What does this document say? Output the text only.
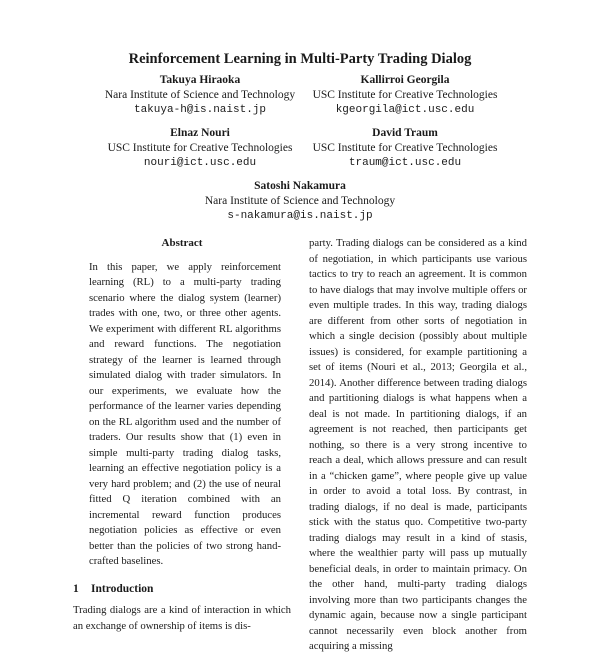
Reinforcement Learning in Multi-Party Trading Dialog
Takuya Hiraoka
Nara Institute of Science and Technology
takuya-h@is.naist.jp
Kallirroi Georgila
USC Institute for Creative Technologies
kgeorgila@ict.usc.edu
Elnaz Nouri
USC Institute for Creative Technologies
nouri@ict.usc.edu
David Traum
USC Institute for Creative Technologies
traum@ict.usc.edu
Satoshi Nakamura
Nara Institute of Science and Technology
s-nakamura@is.naist.jp
Abstract
In this paper, we apply reinforcement learning (RL) to a multi-party trading scenario where the dialog system (learner) trades with one, two, or three other agents. We experiment with different RL algorithms and reward functions. The negotiation strategy of the learner is learned through simulated dialog with trader simulators. In our experiments, we evaluate how the performance of the learner varies depending on the RL algorithm used and the number of traders. Our results show that (1) even in simple multi-party trading dialog tasks, learning an effective negotiation policy is a very hard problem; and (2) the use of neural fitted Q iteration combined with an incremental reward function produces negotiation policies as effective or even better than the policies of two strong hand-crafted baselines.
1 Introduction
Trading dialogs are a kind of interaction in which an exchange of ownership of items is dis-
party. Trading dialogs can be considered as a kind of negotiation, in which participants use various tactics to try to reach an agreement. It is common to have dialogs that may involve multiple offers or even multiple trades. In this way, trading dialogs are different from other sorts of negotiation in which a single decision (possibly about multiple issues) is considered, for example partitioning a set of items (Nouri et al., 2013; Georgila et al., 2014). Another difference between trading dialogs and partitioning dialogs is what happens when a deal is not made. In partitioning dialogs, if an agreement is not reached, then participants get nothing, so there is a very strong incentive to reach a deal, which allows pressure and can result in a “chicken game”, where people give up value in order to avoid a total loss. By contrast, in trading dialogs, if no deal is made, participants stick with the status quo. Competitive two-party trading dialogs may result in a kind of stasis, where the wealthier party will pass up mutually beneficial deals, in order to maintain primacy. On the other hand, multi-party trading dialogs involving more than two participants changes the dynamic again, because now a single participant cannot necessarily even block another from acquiring a missing
